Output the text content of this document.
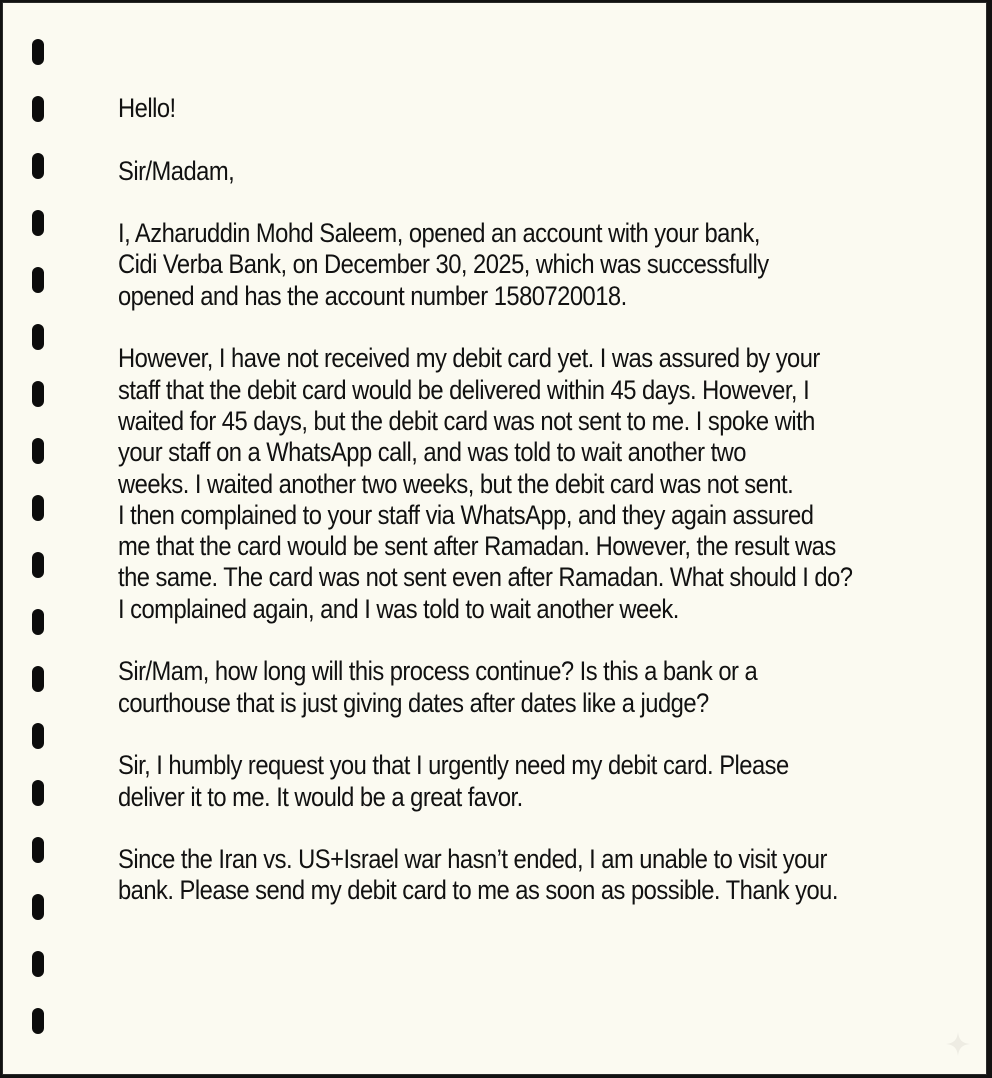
Hello!

Sir/Madam,

I, Azharuddin Mohd Saleem, opened an account with your bank,
Cidi Verba Bank, on December 30, 2025, which was successfully
opened and has the account number 1580720018.

However, I have not received my debit card yet. I was assured by your
staff that the debit card would be delivered within 45 days. However, I
waited for 45 days, but the debit card was not sent to me. I spoke with
your staff on a WhatsApp call, and was told to wait another two
weeks. I waited another two weeks, but the debit card was not sent.
I then complained to your staff via WhatsApp, and they again assured
me that the card would be sent after Ramadan. However, the result was
the same. The card was not sent even after Ramadan. What should I do?
I complained again, and I was told to wait another week.

Sir/Mam, how long will this process continue? Is this a bank or a
courthouse that is just giving dates after dates like a judge?

Sir, I humbly request you that I urgently need my debit card. Please
deliver it to me. It would be a great favor.

Since the Iran vs. US+Israel war hasn’t ended, I am unable to visit your
bank. Please send my debit card to me as soon as possible. Thank you.
